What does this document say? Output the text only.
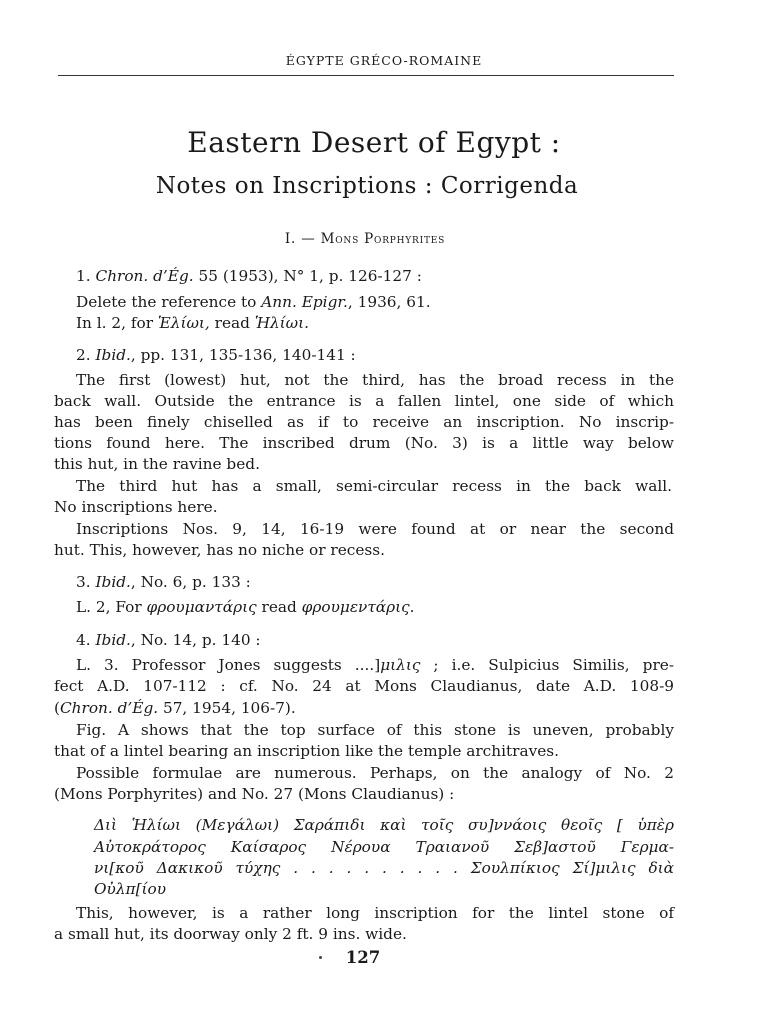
ÉGYPTE GRÉCO-ROMAINE
Eastern Desert of Egypt :
Notes on Inscriptions : Corrigenda
I. — Mons Porphyrites
1. Chron. d’Ég. 55 (1953), N° 1, p. 126-127 :
Delete the reference to Ann. Epigr., 1936, 61.
In l. 2, for Ἑλίωι, read Ἡλίωι.
2. Ibid., pp. 131, 135-136, 140-141 :
The first (lowest) hut, not the third, has the broad recess in the
back wall. Outside the entrance is a fallen lintel, one side of which
has been finely chiselled as if to receive an inscription. No inscrip-
tions found here. The inscribed drum (No. 3) is a little way below
this hut, in the ravine bed.
The third hut has a small, semi-circular recess in the back wall.
No inscriptions here.
Inscriptions Nos. 9, 14, 16-19 were found at or near the second
hut. This, however, has no niche or recess.
3. Ibid., No. 6, p. 133 :
L. 2, For φρουμαντάρις read φρουμεντάρις.
4. Ibid., No. 14, p. 140 :
L. 3. Professor Jones suggests ....]μιλις ; i.e. Sulpicius Similis, pre-
fect A.D. 107-112 : cf. No. 24 at Mons Claudianus, date A.D. 108-9
(Chron. d’Ég. 57, 1954, 106-7).
Fig. A shows that the top surface of this stone is uneven, probably
that of a lintel bearing an inscription like the temple architraves.
Possible formulae are numerous. Perhaps, on the analogy of No. 2
(Mons Porphyrites) and No. 27 (Mons Claudianus) :
Διὶ Ἡλίωι (Μεγάλωι) Σαράπιδι καὶ τοῖς συ]ννάοις θεοῖς [ ὑπὲρ
Αὐτοκράτορος Καίσαρος Νέρουα Τραιανοῦ Σεβ]αστοῦ Γερμα-
νι[κοῦ Δακικοῦ τύχης . . . . . . . . . . Σουλπίκιος Σί]μιλις διὰ
Οὐλπ[ίου
This, however, is a rather long inscription for the lintel stone of
a small hut, its doorway only 2 ft. 9 ins. wide.
127
